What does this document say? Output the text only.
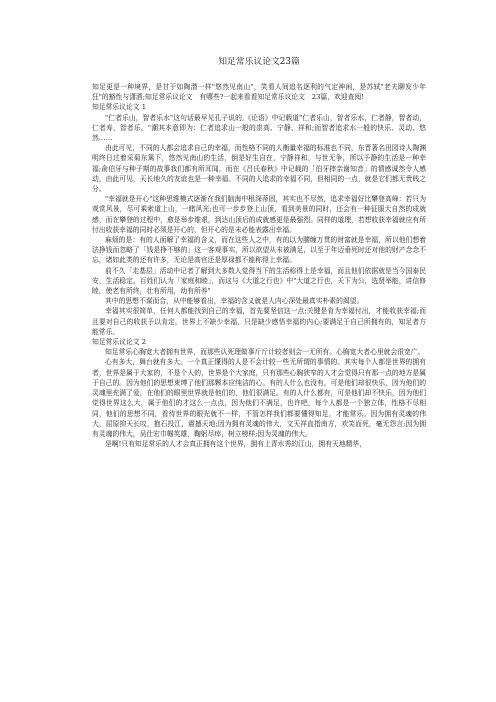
知足常乐议论文23篇

知足更是一种境界，是甘于如陶潜一样"悠然见南山"，笑看人间追名逐利的气定神闲，是苏轼"老夫聊发少年狂"的豁性与潇洒;知足常乐议论文　有哪些?一起来看看知足常乐议论文　23篇，欢迎查阅!

知足常乐议论文 1

"仁者乐山，智者乐水"这句话最早见孔子说的,《论语》中记载道"仁者乐山，智者乐水，仁者静，智者动，仁者寿，智者乐。"潮其本意即为：仁者追求山一般的崇高、宁静、祥和;而智者追求水一般的快乐、灵动、悠然……

由此可见，不同的人都会追求自己的幸福，而性格不同的人衡量幸福的标准也不同，东晋著名田园诗人陶渊明终日过着采菊东篱下，悠然见南山的生活，倒是好生自在，宁静祥和，与世无争，所以予静的生活是一种幸福;俞伯牙与种子期的故事我们都有所耳闻，而在《吕氏春秋》中记载的「伯牙摔亲谢知音」的情感诚然令人感动，由此可见，天长地久的友谊也是一种幸福。不同的人追求的幸福不同，但相同的一点，就是它们都无贵贱之分。

"幸福就是开心"这种思维模式逐渐在我们脑海中根深蒂固，其实也不尽然，追求幸福好比攀登高峰：若只为观赏风景，尽可乘索道上山，一睹风光;也可一步步登上山顶，看到美景的同时，还会有一种征服大自然的成就感，而在攀登的过程中，愈是举步维艰，到达山顶后的成就感更是最强烈。同样的道理，若想收获幸福就应有所付出收获幸福的同时必须是开心的，但开心的是未必能表露出幸福。

麻烦的是：有的人面解了幸福的含义，而在这些人之中，有的以为腰缠万贯的财富就是幸福，所以他们想着法挣钱而忽略了「钱是挣不够的」这一客观事实，所以欲望从未被满足，以至于年迈垂死时还对他的财产念念不忘，诸如此类的还有许多，无论是高官还是厚禄都不能称得上幸福。

前不久「走基层」活动中记者了解到大多数人觉得当下的生活称得上是幸福，而且他们依据就是当今国泰民安，生活稳定。百姓们认为「家庭和睦」，而这与《大道之行也》中"大道之行也，天下为公，选贤举能，讲信修睦，使老有所终，壮有所用，幼有所养"

其中的思想不谋而合，从中能够看出，幸福的含义就是人内心深处最真实朴素的渴望。

幸福其实很简单，任何人都能找到自己的幸福，首先要坚信这一点;关键是肯为幸福付出，才能收获幸福;而且要对自己的收获予以肯定，世界上不缺少幸福，只是缺少感悟幸福的内心;要满足于自己所拥有的，知足者方能常乐。

知足常乐议论文 2

知足常乐心胸宽大者拥有世界，而那些认死理做事斤斤计较者则会一无所有。心胸宽大者心里就会很宽广。

心有多大，舞台就有多大。一个真正懂得的人是不会计较一些无所谓的事情的。其实每个人都是世界的拥有者，世界是属于大家的，不是个人的，世界是个大家庭，只有那些心胸狭窄的人才会觉得只有那一点的地方是属于自己的。因为他们的思想束缚了他们那颗本应纯洁的心。有的人什么也没有，可是他们却很快乐，因为他们的灵魂里充满了爱，在他们的眼里世界就是他们的，他们很满足。有的人什么都有，可是他们却不快乐，因为他们觉得世界这么大，属于他们的才这么一点点，因为他们不满足，也许吧，每个人都是一个独立体，性格不尽相同，他们的思想不同，看待世界的眼光就不一样，不管怎样我们都要懂得知足，才能常乐。因为拥有灵魂的伟大，屈原抑天长叹，抱石投江，震撼天地;因为拥有灵魂的伟大，文天祥直指南方，欢笑而死，毫无怨言;因为拥有灵魂的伟大，吴仕宏巾帼英雄，鞠躬尽瘁，树立榜样;因为灵魂的伟大。

是啊!只有知足常乐的人才会真正拥有这个世界，拥有上青水秀的江山，拥有天地精华，
